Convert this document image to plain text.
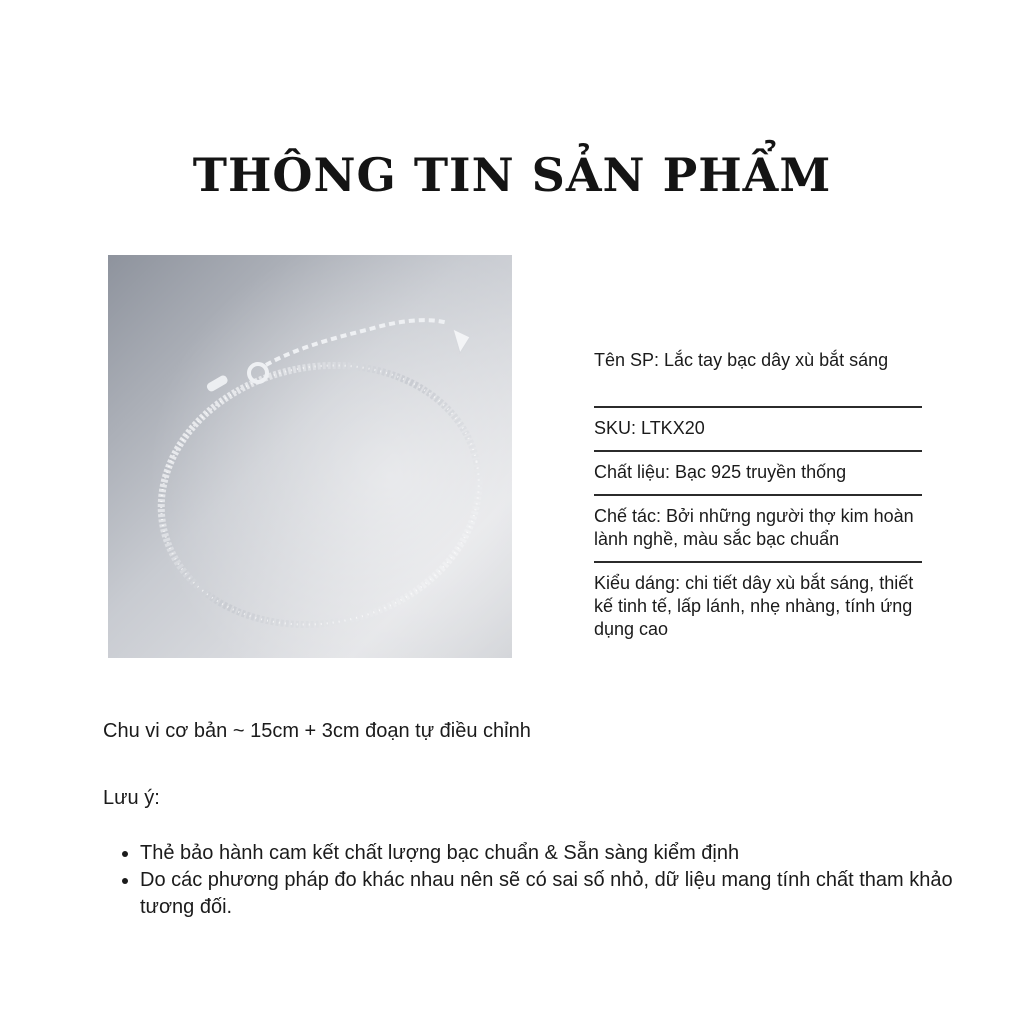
THÔNG TIN SẢN PHẨM
Tên SP: Lắc tay bạc dây xù bắt sáng
SKU: LTKX20
Chất liệu: Bạc 925 truyền thống
Chế tác: Bởi những người thợ kim hoàn lành nghề, màu sắc bạc chuẩn
Kiểu dáng: chi tiết dây xù bắt sáng, thiết kế tinh tế, lấp lánh, nhẹ nhàng, tính ứng dụng cao
Chu vi cơ bản ~ 15cm + 3cm đoạn tự điều chỉnh
Lưu ý:
• Thẻ bảo hành cam kết chất lượng bạc chuẩn & Sẵn sàng kiểm định
• Do các phương pháp đo khác nhau nên sẽ có sai số nhỏ, dữ liệu mang tính chất tham khảo tương đối.
